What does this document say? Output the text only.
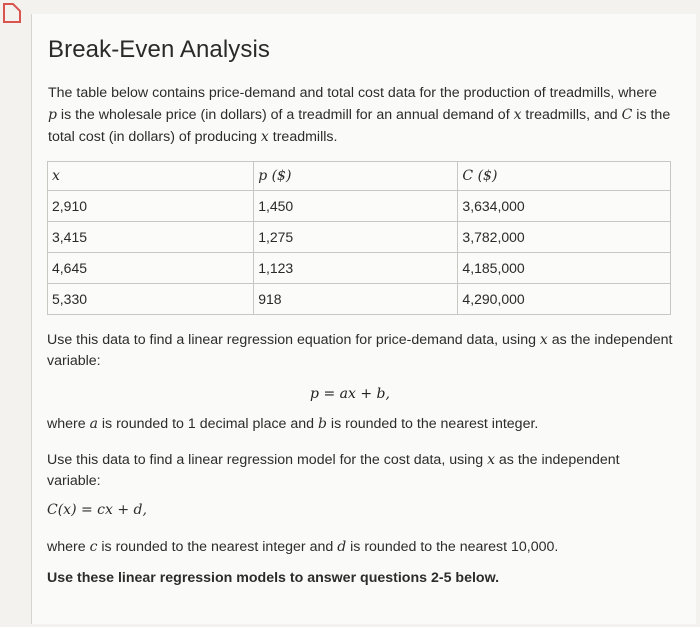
Break-Even Analysis
The table below contains price-demand and total cost data for the production of treadmills, where
p is the wholesale price (in dollars) of a treadmill for an annual demand of x treadmills, and C is the
total cost (in dollars) of producing x treadmills.
x	p ($)	C ($)
2,910	1,450	3,634,000
3,415	1,275	3,782,000
4,645	1,123	4,185,000
5,330	918	4,290,000
Use this data to find a linear regression equation for price-demand data, using x as the independent
variable:
p = ax + b,
where a is rounded to 1 decimal place and b is rounded to the nearest integer.
Use this data to find a linear regression model for the cost data, using x as the independent
variable:
C(x) = cx + d,
where c is rounded to the nearest integer and d is rounded to the nearest 10,000.
Use these linear regression models to answer questions 2-5 below.
